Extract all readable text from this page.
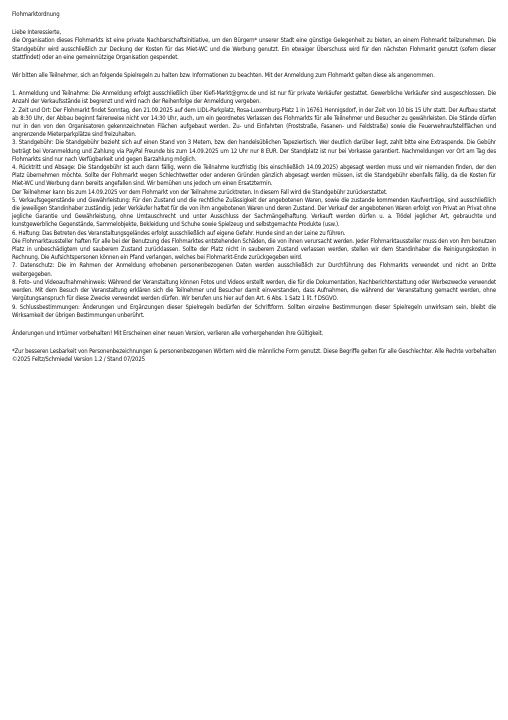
Flohmarktordnung

Liebe Interessierte,

die Organisation dieses Flohmarkts ist eine private Nachbarschaftsinitiative, um den Bürgern* unserer Stadt eine günstige Gelegenheit zu bieten, an einem Flohmarkt teilzunehmen. Die Standgebühr wird ausschließlich zur Deckung der Kosten für das Miet-WC und die Werbung genutzt. Ein etwaiger Überschuss wird für den nächsten Flohmarkt genutzt (sofern dieser stattfindet) oder an eine gemeinnützige Organisation gespendet.

Wir bitten alle Teilnehmer, sich an folgende Spielregeln zu halten bzw. Informationen zu beachten. Mit der Anmeldung zum Flohmarkt gelten diese als angenommen.

1. Anmeldung und Teilnahme: Die Anmeldung erfolgt ausschließlich über Kiefi-Markt@gmx.de und ist nur für private Verkäufer gestattet. Gewerbliche Verkäufer sind ausgeschlossen. Die Anzahl der Verkaufsstände ist begrenzt und wird nach der Reihenfolge der Anmeldung vergeben.

2. Zeit und Ort: Der Flohmarkt findet Sonntag, den 21.09.2025 auf dem LIDL-Parkplatz, Rosa-Luxemburg-Platz 1 in 16761 Hennigsdorf, in der Zeit von 10 bis 15 Uhr statt. Der Aufbau startet ab 8:30 Uhr, der Abbau beginnt fairerweise nicht vor 14:30 Uhr, auch, um ein geordnetes Verlassen des Flohmarkts für alle Teilnehmer und Besucher zu gewährleisten. Die Stände dürfen nur in den von den Organisatoren gekennzeichneten Flächen aufgebaut werden. Zu- und Einfahrten (Froststraße, Fasanen- und Feldstraße) sowie die Feuerwehraufstellflächen und angrenzende Mieterparkplätze sind freizuhalten.

3. Standgebühr: Die Standgebühr bezieht sich auf einen Stand von 3 Metern, bzw. den handelsüblichen Tapeziertisch. Wer deutlich darüber liegt, zahlt bitte eine Extraspende. Die Gebühr beträgt bei Voranmeldung und Zahlung via PayPal Freunde bis zum 14.09.2025 um 12 Uhr nur 8 EUR. Der Standplatz ist nur bei Vorkasse garantiert. Nachmeldungen vor Ort am Tag des Flohmarkts sind nur nach Verfügbarkeit und gegen Barzahlung möglich.

4. Rücktritt und Absage: Die Standgebühr ist auch dann fällig, wenn die Teilnahme kurzfristig (bis einschließlich 14.09.2025) abgesagt werden muss und wir niemanden finden, der den Platz übernehmen möchte. Sollte der Flohmarkt wegen Schlechtwetter oder anderen Gründen gänzlich abgesagt werden müssen, ist die Standgebühr ebenfalls fällig, da die Kosten für Miet-WC und Werbung dann bereits angefallen sind. Wir bemühen uns jedoch um einen Ersatztermin.

Der Teilnehmer kann bis zum 14.09.2025 vor dem Flohmarkt von der Teilnahme zurücktreten. In diesem Fall wird die Standgebühr zurückerstattet.

5. Verkaufsgegenstände und Gewährleistung: Für den Zustand und die rechtliche Zulässigkeit der angebotenen Waren, sowie die zustande kommenden Kaufverträge, sind ausschließlich die jeweiligen Standinhaber zuständig. Jeder Verkäufer haftet für die von ihm angebotenen Waren und deren Zustand. Der Verkauf der angebotenen Waren erfolgt von Privat an Privat ohne jegliche Garantie und Gewährleistung, ohne Umtauschrecht und unter Ausschluss der Sachmängelhaftung. Verkauft werden dürfen u. a. Trödel jeglicher Art, gebrauchte und kunstgewerbliche Gegenstände, Sammelobjekte, Bekleidung und Schuhe sowie Spielzeug und selbstgemachte Produkte (usw.).

6. Haftung: Das Betreten des Veranstaltungsgeländes erfolgt ausschließlich auf eigene Gefahr. Hunde sind an der Leine zu führen.

Die Flohmarktaussteller haften für alle bei der Benutzung des Flohmarktes entstehenden Schäden, die von ihnen verursacht werden. Jeder Flohmarktaussteller muss den von ihm benutzen Platz in unbeschädigtem und sauberem Zustand zurücklassen. Sollte der Platz nicht in sauberem Zustand verlassen werden, stellen wir dem Standinhaber die Reinigungskosten in Rechnung. Die Aufsichtspersonen können ein Pfand verlangen, welches bei Flohmarkt-Ende zurückgegeben wird.

7. Datenschutz: Die im Rahmen der Anmeldung erhobenen personenbezogenen Daten werden ausschließlich zur Durchführung des Flohmarkts verwendet und nicht an Dritte weitergegeben.

8. Foto- und Videoaufnahmehinweis: Während der Veranstaltung können Fotos und Videos erstellt werden, die für die Dokumentation, Nachberichterstattung oder Werbezwecke verwendet werden. Mit dem Besuch der Veranstaltung erklären sich die Teilnehmer und Besucher damit einverstanden, dass Aufnahmen, die während der Veranstaltung gemacht werden, ohne Vergütungsanspruch für diese Zwecke verwendet werden dürfen. Wir berufen uns hier auf den Art. 6 Abs. 1 Satz 1 lit. f DSGVO.

9. Schlussbestimmungen: Änderungen und Ergänzungen dieser Spielregeln bedürfen der Schriftform. Sollten einzelne Bestimmungen dieser Spielregeln unwirksam sein, bleibt die Wirksamkeit der übrigen Bestimmungen unberührt.

Änderungen und Irrtümer vorbehalten! Mit Erscheinen einer neuen Version, verlieren alle vorhergehenden ihre Gültigkeit.

*Zur besseren Lesbarkeit von Personenbezeichnungen & personenbezogenen Wörtern wird die männliche Form genutzt. Diese Begriffe gelten für alle Geschlechter. Alle Rechte vorbehalten ©2025 Feltz/Schmiedel Version 1.2 / Stand 07/2025
